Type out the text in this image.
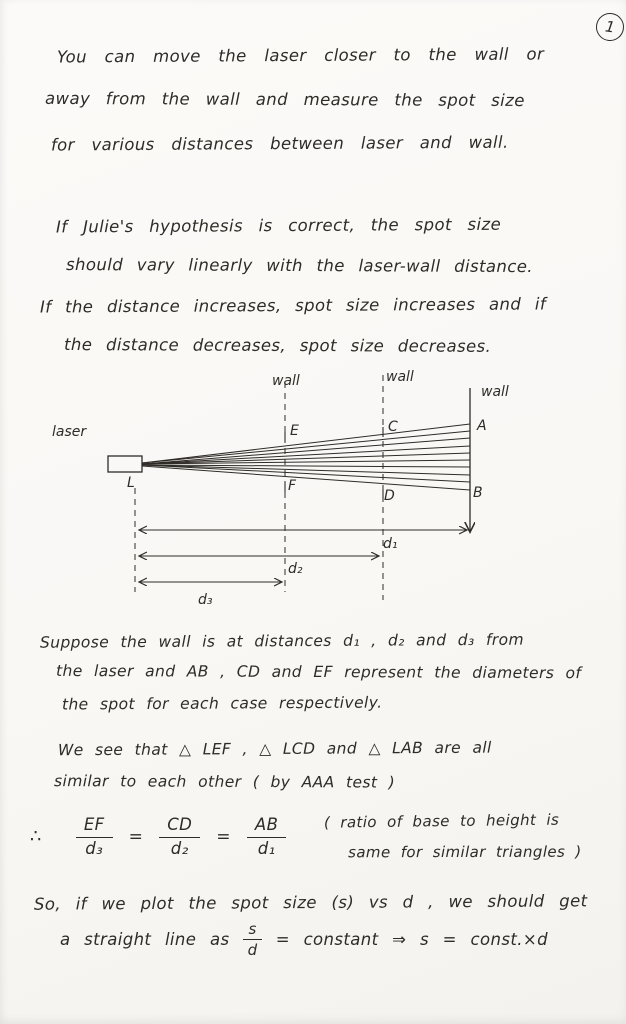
1
You can move the laser closer to the wall or
away from the wall and measure the spot size
for various distances between laser and wall.
If Julie's hypothesis is correct, the spot size
should vary linearly with the laser-wall distance.
If the distance increases, spot size increases and if
the distance decreases, spot size decreases.
laser
wall	wall
wall
L
E
F
C
D
A
B
d₁
d₂
d₃
Suppose the wall is at distances d₁ , d₂ and d₃ from
the laser and AB , CD and EF represent the diameters of
the spot for each case respectively.
We see that △ LEF , △ LCD and △ LAB are all
similar to each other ( by AAA test )
∴ $\frac{EF}{\text{d₃}} = \frac{CD}{\text{d₂}} = \frac{AB}{\text{d₁}}$	( ratio of base to height is
same for similar triangles )
So, if we plot the spot size (s) vs d , we should get
a straight line as $\frac{s}{d}$ = constant ⇒ s = const.×d
